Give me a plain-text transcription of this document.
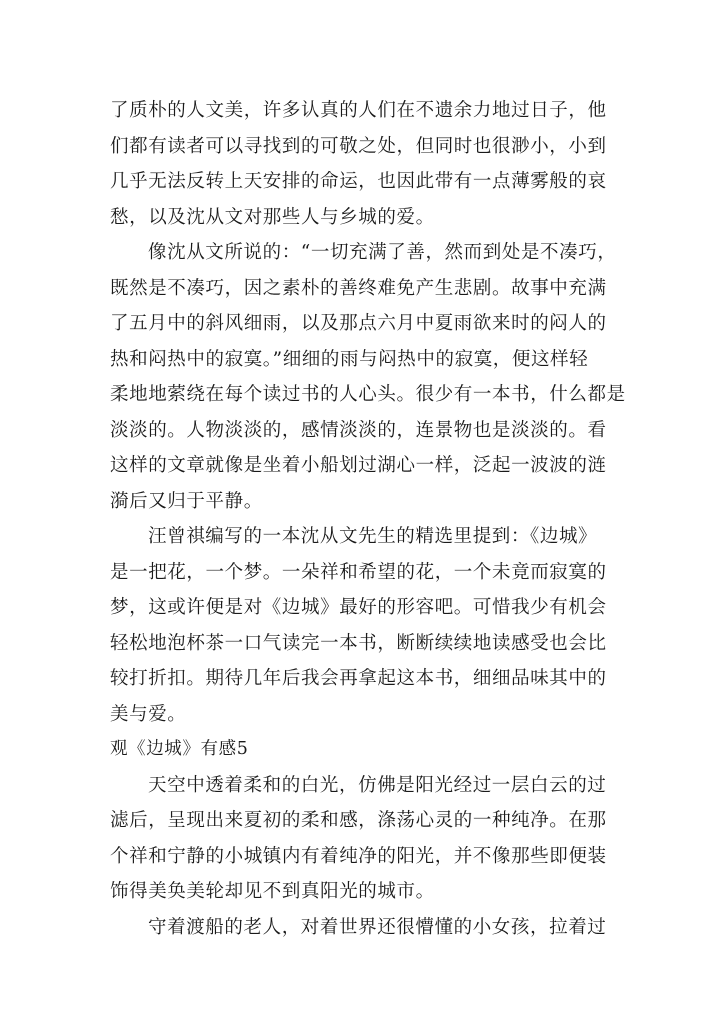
了质朴的人文美，许多认真的人们在不遗余力地过日子，他
们都有读者可以寻找到的可敬之处，但同时也很渺小，小到
几乎无法反转上天安排的命运，也因此带有一点薄雾般的哀
愁，以及沈从文对那些人与乡城的爱。
像沈从文所说的：“一切充满了善，然而到处是不凑巧，
既然是不凑巧，因之素朴的善终难免产生悲剧。故事中充满
了五月中的斜风细雨，以及那点六月中夏雨欲来时的闷人的
热和闷热中的寂寞。”细细的雨与闷热中的寂寞，便这样轻
柔地地萦绕在每个读过书的人心头。很少有一本书，什么都是
淡淡的。人物淡淡的，感情淡淡的，连景物也是淡淡的。看
这样的文章就像是坐着小船划过湖心一样，泛起一波波的涟
漪后又归于平静。
汪曾祺编写的一本沈从文先生的精选里提到：《边城》
是一把花，一个梦。一朵祥和希望的花，一个未竟而寂寞的
梦，这或许便是对《边城》最好的形容吧。可惜我少有机会
轻松地泡杯茶一口气读完一本书，断断续续地读感受也会比
较打折扣。期待几年后我会再拿起这本书，细细品味其中的
美与爱。
观《边城》有感5
天空中透着柔和的白光，仿佛是阳光经过一层白云的过
滤后，呈现出来夏初的柔和感，涤荡心灵的一种纯净。在那
个祥和宁静的小城镇内有着纯净的阳光，并不像那些即便装
饰得美奂美轮却见不到真阳光的城市。
守着渡船的老人，对着世界还很懵懂的小女孩，拉着过
